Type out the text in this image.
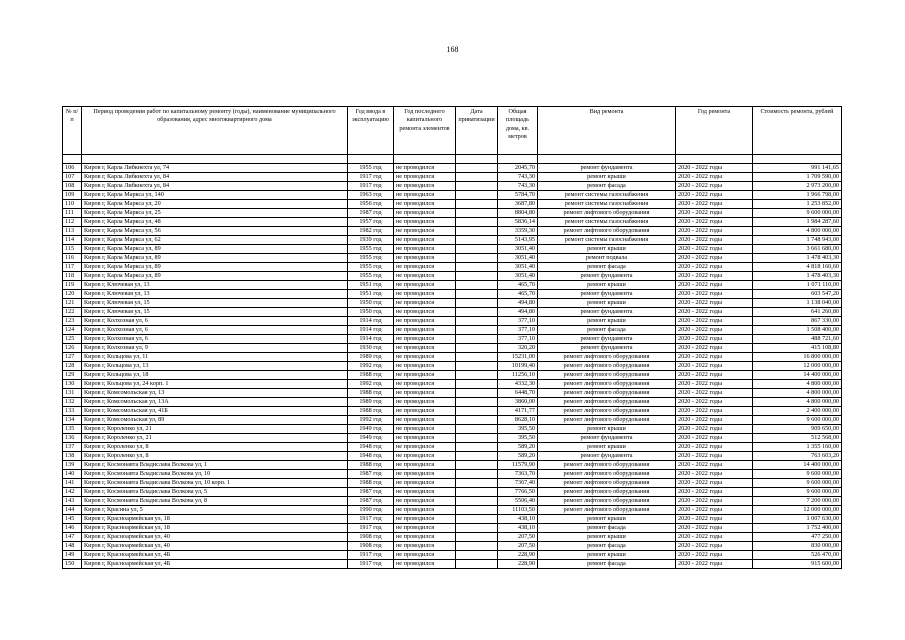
168
№ п/п	Период проведения работ по капитальному ремонту (годы), наименование муниципального образования, адрес многоквартирного дома	Год ввода в эксплуатацию	Год последнего капитального ремонта элементов	Дата приватизации	Общая площадь дома, кв. метров	Вид ремонта	Год ремонта	Стоимость ремонта, рублей

106	Киров г, Карла Либкнехта ул, 74	1955 год	не проводился		2045,70	ремонт фундамента	2020 - 2022 годы	991 141,65
107	Киров г, Карла Либкнехта ул, 84	1917 год	не проводился		743,30	ремонт крыши	2020 - 2022 годы	1 709 590,00
108	Киров г, Карла Либкнехта ул, 84	1917 год	не проводился		743,30	ремонт фасада	2020 - 2022 годы	2 973 200,00
109	Киров г, Карла Маркса ул, 140	1963 год	не проводился		5784,70	ремонт системы газоснабжения	2020 - 2022 годы	1 966 798,00
110	Киров г, Карла Маркса ул, 20	1956 год	не проводился		3687,80	ремонт системы газоснабжения	2020 - 2022 годы	1 253 852,00
111	Киров г, Карла Маркса ул, 25	1987 год	не проводился		8804,80	ремонт лифтового оборудования	2020 - 2022 годы	9 600 000,00
112	Киров г, Карла Маркса ул, 48	1957 год	не проводился		5836,14	ремонт системы газоснабжения	2020 - 2022 годы	1 984 287,60
113	Киров г, Карла Маркса ул, 56	1982 год	не проводился		3359,30	ремонт лифтового оборудования	2020 - 2022 годы	4 800 000,00
114	Киров г, Карла Маркса ул, 62	1939 год	не проводился		5143,95	ремонт системы газоснабжения	2020 - 2022 годы	1 748 943,00
115	Киров г, Карла Маркса ул, 89	1955 год	не проводился		3051,40	ремонт крыши	2020 - 2022 годы	3 661 680,00
116	Киров г, Карла Маркса ул, 89	1955 год	не проводился		3051,40	ремонт подвала	2020 - 2022 годы	1 478 403,30
117	Киров г, Карла Маркса ул, 89	1955 год	не проводился		3051,40	ремонт фасада	2020 - 2022 годы	4 818 160,60
118	Киров г, Карла Маркса ул, 89	1955 год	не проводился		3051,40	ремонт фундамента	2020 - 2022 годы	1 478 403,30
119	Киров г, Ключевая ул, 13	1951 год	не проводился		465,70	ремонт крыши	2020 - 2022 годы	1 071 110,00
120	Киров г, Ключевая ул, 13	1951 год	не проводился		465,70	ремонт фундамента	2020 - 2022 годы	603 547,20
121	Киров г, Ключевая ул, 15	1950 год	не проводился		494,80	ремонт крыши	2020 - 2022 годы	1 138 040,00
122	Киров г, Ключевая ул, 15	1950 год	не проводился		494,80	ремонт фундамента	2020 - 2022 годы	641 260,80
123	Киров г, Колхозная ул, 6	1914 год	не проводился		377,10	ремонт крыши	2020 - 2022 годы	867 330,00
124	Киров г, Колхозная ул, 6	1914 год	не проводился		377,10	ремонт фасада	2020 - 2022 годы	1 508 400,00
125	Киров г, Колхозная ул, 6	1914 год	не проводился		377,10	ремонт фундамента	2020 - 2022 годы	488 721,60
126	Киров г, Колхозная ул, 9	1930 год	не проводился		320,20	ремонт фундамента	2020 - 2022 годы	415 108,80
127	Киров г, Кольцова ул, 11	1989 год	не проводился		15231,00	ремонт лифтового оборудования	2020 - 2022 годы	16 800 000,00
128	Киров г, Кольцова ул, 13	1992 год	не проводился		10199,40	ремонт лифтового оборудования	2020 - 2022 годы	12 000 000,00
129	Киров г, Кольцова ул, 18	1988 год	не проводился		11256,10	ремонт лифтового оборудования	2020 - 2022 годы	14 400 000,00
130	Киров г, Кольцова ул, 24 корп. 1	1992 год	не проводился		4332,30	ремонт лифтового оборудования	2020 - 2022 годы	4 800 000,00
131	Киров г, Комсомольская ул, 13	1988 год	не проводился		6448,70	ремонт лифтового оборудования	2020 - 2022 годы	4 800 000,00
132	Киров г, Комсомольская ул, 13А	1989 год	не проводился		3860,00	ремонт лифтового оборудования	2020 - 2022 годы	4 800 000,00
133	Киров г, Комсомольская ул, 41Б	1988 год	не проводился		4171,77	ремонт лифтового оборудования	2020 - 2022 годы	2 400 000,00
134	Киров г, Комсомольская ул, 89	1992 год	не проводился		8628,10	ремонт лифтового оборудования	2020 - 2022 годы	9 600 000,00
135	Киров г, Короленко ул, 21	1949 год	не проводился		395,50	ремонт крыши	2020 - 2022 годы	909 650,00
136	Киров г, Короленко ул, 21	1949 год	не проводился		395,50	ремонт фундамента	2020 - 2022 годы	512 568,00
137	Киров г, Короленко ул, 8	1948 год	не проводился		589,20	ремонт крыши	2020 - 2022 годы	1 355 160,00
138	Киров г, Короленко ул, 8	1948 год	не проводился		589,20	ремонт фундамента	2020 - 2022 годы	763 603,20
139	Киров г, Космонавта Владислава Волкова ул, 1	1988 год	не проводился		11579,90	ремонт лифтового оборудования	2020 - 2022 годы	14 400 000,00
140	Киров г, Космонавта Владислава Волкова ул, 10	1987 год	не проводился		7363,70	ремонт лифтового оборудования	2020 - 2022 годы	9 600 000,00
141	Киров г, Космонавта Владислава Волкова ул, 10 корп. 1	1988 год	не проводился		7367,40	ремонт лифтового оборудования	2020 - 2022 годы	9 600 000,00
142	Киров г, Космонавта Владислава Волкова ул, 5	1987 год	не проводился		7766,50	ремонт лифтового оборудования	2020 - 2022 годы	9 600 000,00
143	Киров г, Космонавта Владислава Волкова ул, 8	1987 год	не проводился		5506,40	ремонт лифтового оборудования	2020 - 2022 годы	7 200 000,00
144	Киров г, Красина ул, 5	1990 год	не проводился		11103,50	ремонт лифтового оборудования	2020 - 2022 годы	12 000 000,00
145	Киров г, Красноармейская ул, 18	1917 год	не проводился		438,10	ремонт крыши	2020 - 2022 годы	1 007 630,00
146	Киров г, Красноармейская ул, 18	1917 год	не проводился		438,10	ремонт фасада	2020 - 2022 годы	1 752 400,00
147	Киров г, Красноармейская ул, 40	1908 год	не проводился		207,50	ремонт крыши	2020 - 2022 годы	477 250,00
148	Киров г, Красноармейская ул, 40	1908 год	не проводился		207,50	ремонт фасада	2020 - 2022 годы	830 000,00
149	Киров г, Красноармейская ул, 4Б	1917 год	не проводился		228,90	ремонт крыши	2020 - 2022 годы	526 470,00
150	Киров г, Красноармейская ул, 4Б	1917 год	не проводился		228,90	ремонт фасада	2020 - 2022 годы	915 600,00
